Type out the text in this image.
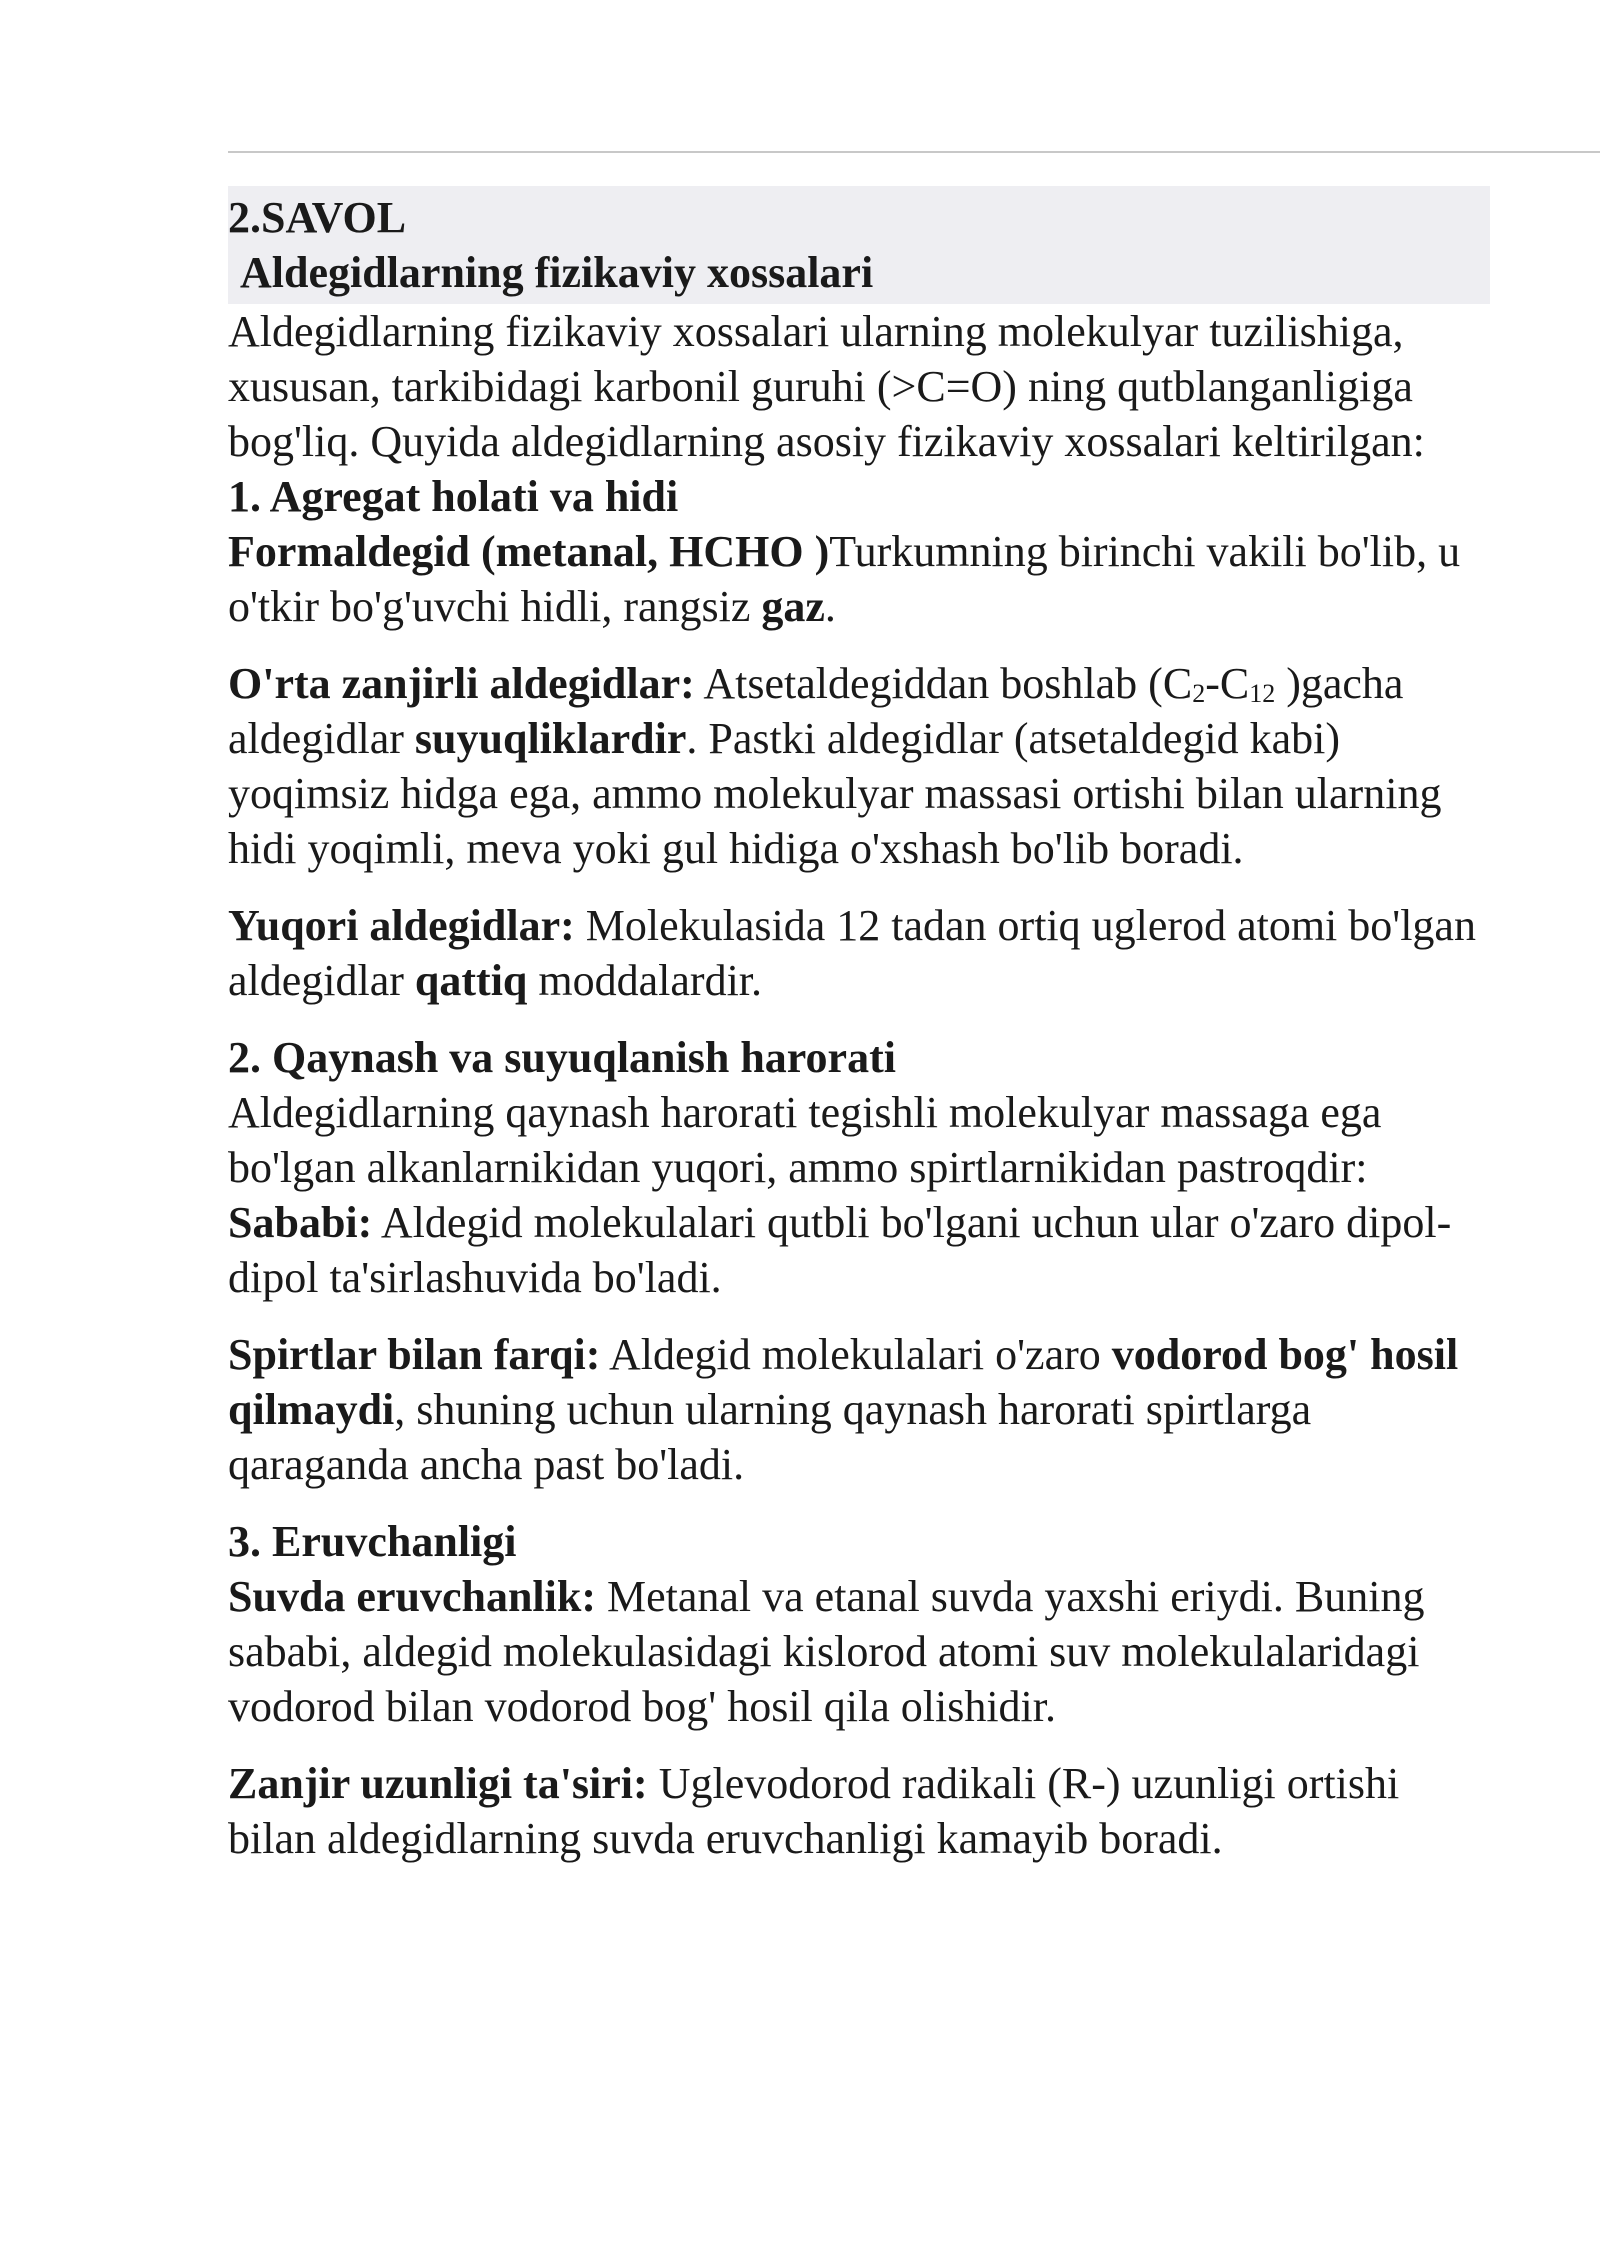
2.SAVOL
Aldegidlarning fizikaviy xossalari

Aldegidlarning fizikaviy xossalari ularning molekulyar tuzilishiga, xususan, tarkibidagi karbonil guruhi (>C=O) ning qutblanganligiga bog'liq. Quyida aldegidlarning asosiy fizikaviy xossalari keltirilgan:

1. Agregat holati va hidi

Formaldegid (metanal, HCHO )Turkumning birinchi vakili bo'lib, u o'tkir bo'g'uvchi hidli, rangsiz gaz.

O'rta zanjirli aldegidlar: Atsetaldegiddan boshlab ($C_2-C_{12}$ )gacha aldegidlar suyuqliklardir. Pastki aldegidlar (atsetaldegid kabi) yoqimsiz hidga ega, ammo molekulyar massasi ortishi bilan ularning hidi yoqimli, meva yoki gul hidiga o'xshash bo'lib boradi.

Yuqori aldegidlar: Molekulasida 12 tadan ortiq uglerod atomi bo'lgan aldegidlar qattiq moddalardir.

2. Qaynash va suyuqlanish harorati

Aldegidlarning qaynash harorati tegishli molekulyar massaga ega bo'lgan alkanlarnikidan yuqori, ammo spirtlarnikidan pastroqdir:

Sababi: Aldegid molekulalari qutbli bo'lgani uchun ular o'zaro dipol-dipol ta'sirlashuvida bo'ladi.

Spirtlar bilan farqi: Aldegid molekulalari o'zaro vodorod bog' hosil qilmaydi, shuning uchun ularning qaynash harorati spirtlarga qaraganda ancha past bo'ladi.

3. Eruvchanligi

Suvda eruvchanlik: Metanal va etanal suvda yaxshi eriydi. Buning sababi, aldegid molekulasidagi kislorod atomi suv molekulalaridagi vodorod bilan vodorod bog' hosil qila olishidir.

Zanjir uzunligi ta'siri: Uglevodorod radikali (R-) uzunligi ortishi bilan aldegidlarning suvda eruvchanligi kamayib boradi.
